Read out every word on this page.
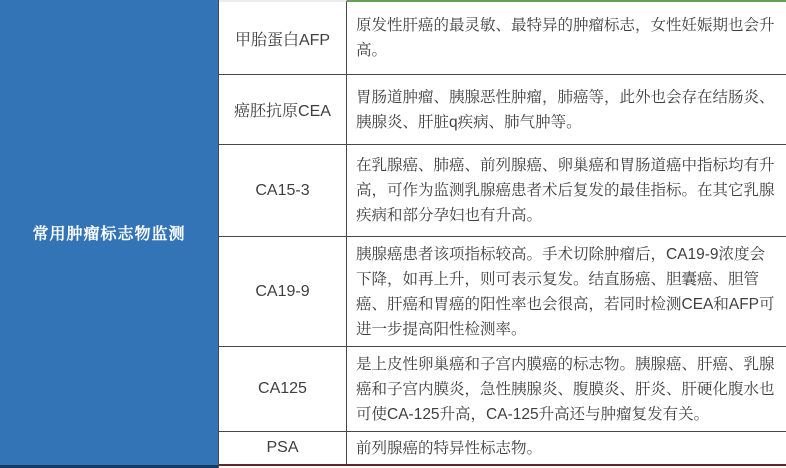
常用肿瘤标志物监测
甲胎蛋白AFP
原发性肝癌的最灵敏、最特异的肿瘤标志，女性妊娠期也会升高。
癌胚抗原CEA
胃肠道肿瘤、胰腺恶性肿瘤，肺癌等，此外也会存在结肠炎、胰腺炎、肝脏q疾病、肺气肿等。
CA15-3
在乳腺癌、肺癌、前列腺癌、卵巢癌和胃肠道癌中指标均有升高，可作为监测乳腺癌患者术后复发的最佳指标。在其它乳腺疾病和部分孕妇也有升高。
CA19-9
胰腺癌患者该项指标较高。手术切除肿瘤后，CA19-9浓度会下降，如再上升，则可表示复发。结直肠癌、胆囊癌、胆管癌、肝癌和胃癌的阳性率也会很高，若同时检测CEA和AFP可进一步提高阳性检测率。
CA125
是上皮性卵巢癌和子宫内膜癌的标志物。胰腺癌、肝癌、乳腺癌和子宫内膜炎，急性胰腺炎、腹膜炎、肝炎、肝硬化腹水也可使CA-125升高，CA-125升高还与肿瘤复发有关。
PSA	前列腺癌的特异性标志物。
